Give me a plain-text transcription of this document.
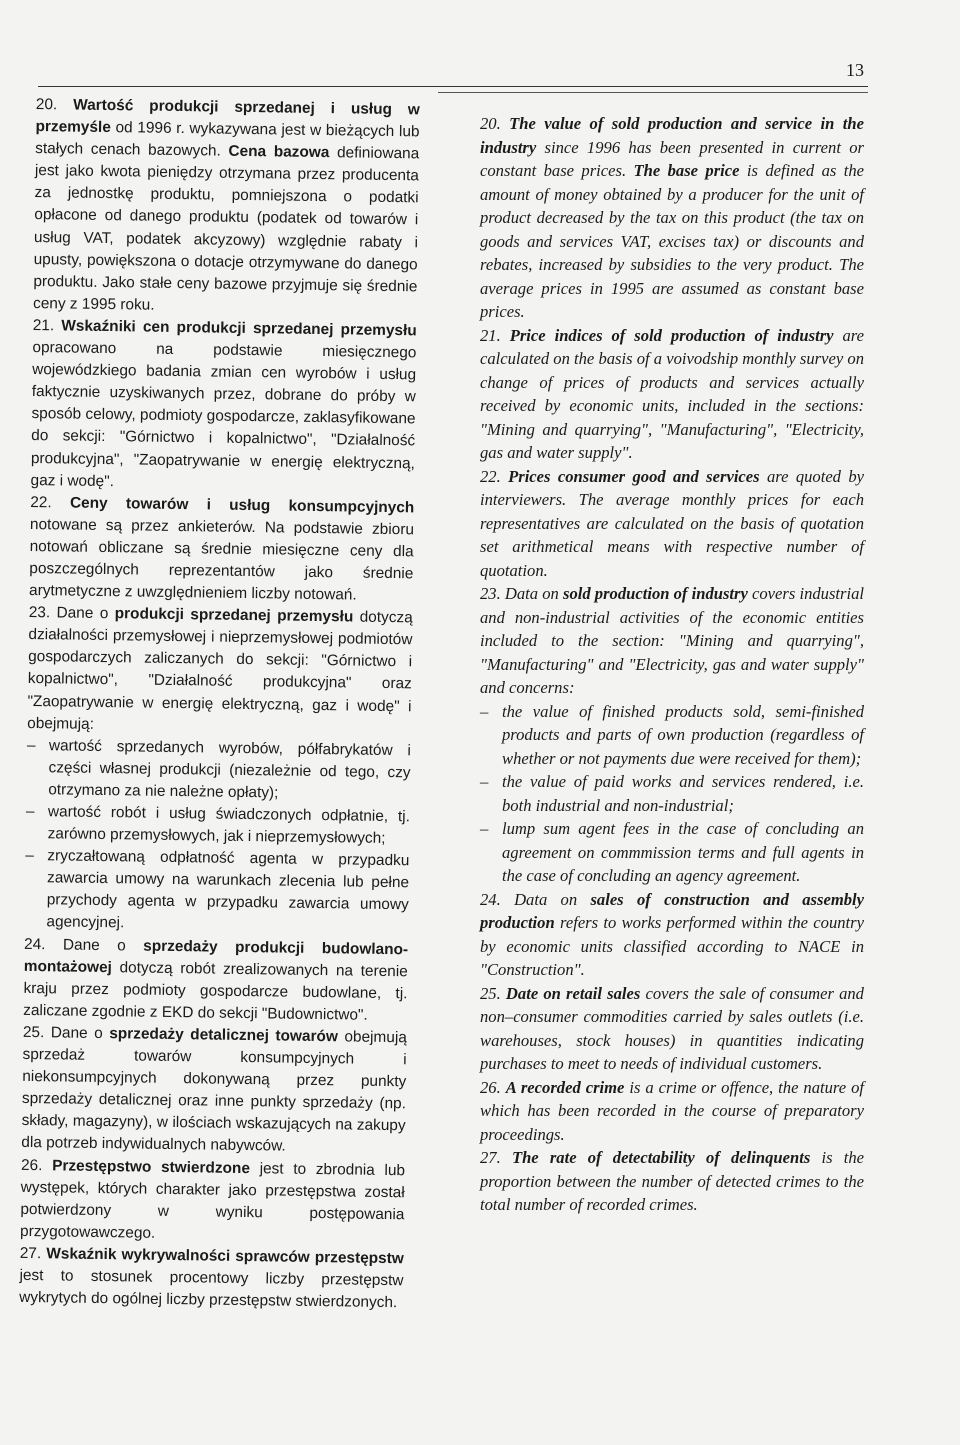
13

20. Wartość produkcji sprzedanej i usług w przemyśle od 1996 r. wykazywana jest w bieżących lub stałych cenach bazowych. Cena bazowa definiowana jest jako kwota pieniędzy otrzymana przez producenta za jednostkę produktu, pomniejszona o podatki opłacone od danego produktu (podatek od towarów i usług VAT, podatek akcyzowy) względnie rabaty i upusty, powiększona o dotacje otrzymywane do danego produktu. Jako stałe ceny bazowe przyjmuje się średnie ceny z 1995 roku.

21. Wskaźniki cen produkcji sprzedanej przemysłu opracowano na podstawie miesięcznego wojewódzkiego badania zmian cen wyrobów i usług faktycznie uzyskiwanych przez, dobrane do próby w sposób celowy, podmioty gospodarcze, zaklasyfikowane do sekcji: "Górnictwo i kopalnictwo", "Działalność produkcyjna", "Zaopatrywanie w energię elektryczną, gaz i wodę".

22. Ceny towarów i usług konsumpcyjnych notowane są przez ankieterów. Na podstawie zbioru notowań obliczane są średnie miesięczne ceny dla poszczególnych reprezentantów jako średnie arytmetyczne z uwzględnieniem liczby notowań.

23. Dane o produkcji sprzedanej przemysłu dotyczą działalności przemysłowej i nieprzemysłowej podmiotów gospodarczych zaliczanych do sekcji: "Górnictwo i kopalnictwo", "Działalność produkcyjna" oraz "Zaopatrywanie w energię elektryczną, gaz i wodę" i obejmują:

– wartość sprzedanych wyrobów, półfabrykatów i części własnej produkcji (niezależnie od tego, czy otrzymano za nie należne opłaty);
– wartość robót i usług świadczonych odpłatnie, tj. zarówno przemysłowych, jak i nieprzemysłowych;
– zryczałtowaną odpłatność agenta w przypadku zawarcia umowy na warunkach zlecenia lub pełne przychody agenta w przypadku zawarcia umowy agencyjnej.

24. Dane o sprzedaży produkcji budowlano-montażowej dotyczą robót zrealizowanych na terenie kraju przez podmioty gospodarcze budowlane, tj. zaliczane zgodnie z EKD do sekcji "Budownictwo".

25. Dane o sprzedaży detalicznej towarów obejmują sprzedaż towarów konsumpcyjnych i niekonsumpcyjnych dokonywaną przez punkty sprzedaży detalicznej oraz inne punkty sprzedaży (np. składy, magazyny), w ilościach wskazujących na zakupy dla potrzeb indywidualnych nabywców.

26. Przestępstwo stwierdzone jest to zbrodnia lub występek, których charakter jako przestępstwa został potwierdzony w wyniku postępowania przygotowawczego.

27. Wskaźnik wykrywalności sprawców przestępstw jest to stosunek procentowy liczby przestępstw wykrytych do ogólnej liczby przestępstw stwierdzonych.

20. The value of sold production and service in the industry since 1996 has been presented in current or constant base prices. The base price is defined as the amount of money obtained by a producer for the unit of product decreased by the tax on this product (the tax on goods and services VAT, excises tax) or discounts and rebates, increased by subsidies to the very product. The average prices in 1995 are assumed as constant base prices.

21. Price indices of sold production of industry are calculated on the basis of a voivodship monthly survey on change of prices of products and services actually received by economic units, included in the sections: "Mining and quarrying", "Manufacturing", "Electricity, gas and water supply".

22. Prices consumer good and services are quoted by interviewers. The average monthly prices for each representatives are calculated on the basis of quotation set arithmetical means with respective number of quotation.

23. Data on sold production of industry covers industrial and non-industrial activities of the economic entities included to the section: "Mining and quarrying", "Manufacturing" and "Electricity, gas and water supply" and concerns:

– the value of finished products sold, semi-finished products and parts of own production (regardless of whether or not payments due were received for them);
– the value of paid works and services rendered, i.e. both industrial and non-industrial;
– lump sum agent fees in the case of concluding an agreement on commmission terms and full agents in the case of concluding an agency agreement.

24. Data on sales of construction and assembly production refers to works performed within the country by economic units classified according to NACE in "Construction".

25. Date on retail sales covers the sale of consumer and non–consumer commodities carried by sales outlets (i.e. warehouses, stock houses) in quantities indicating purchases to meet to needs of individual customers.

26. A recorded crime is a crime or offence, the nature of which has been recorded in the course of preparatory proceedings.

27. The rate of detectability of delinquents is the proportion between the number of detected crimes to the total number of recorded crimes.
